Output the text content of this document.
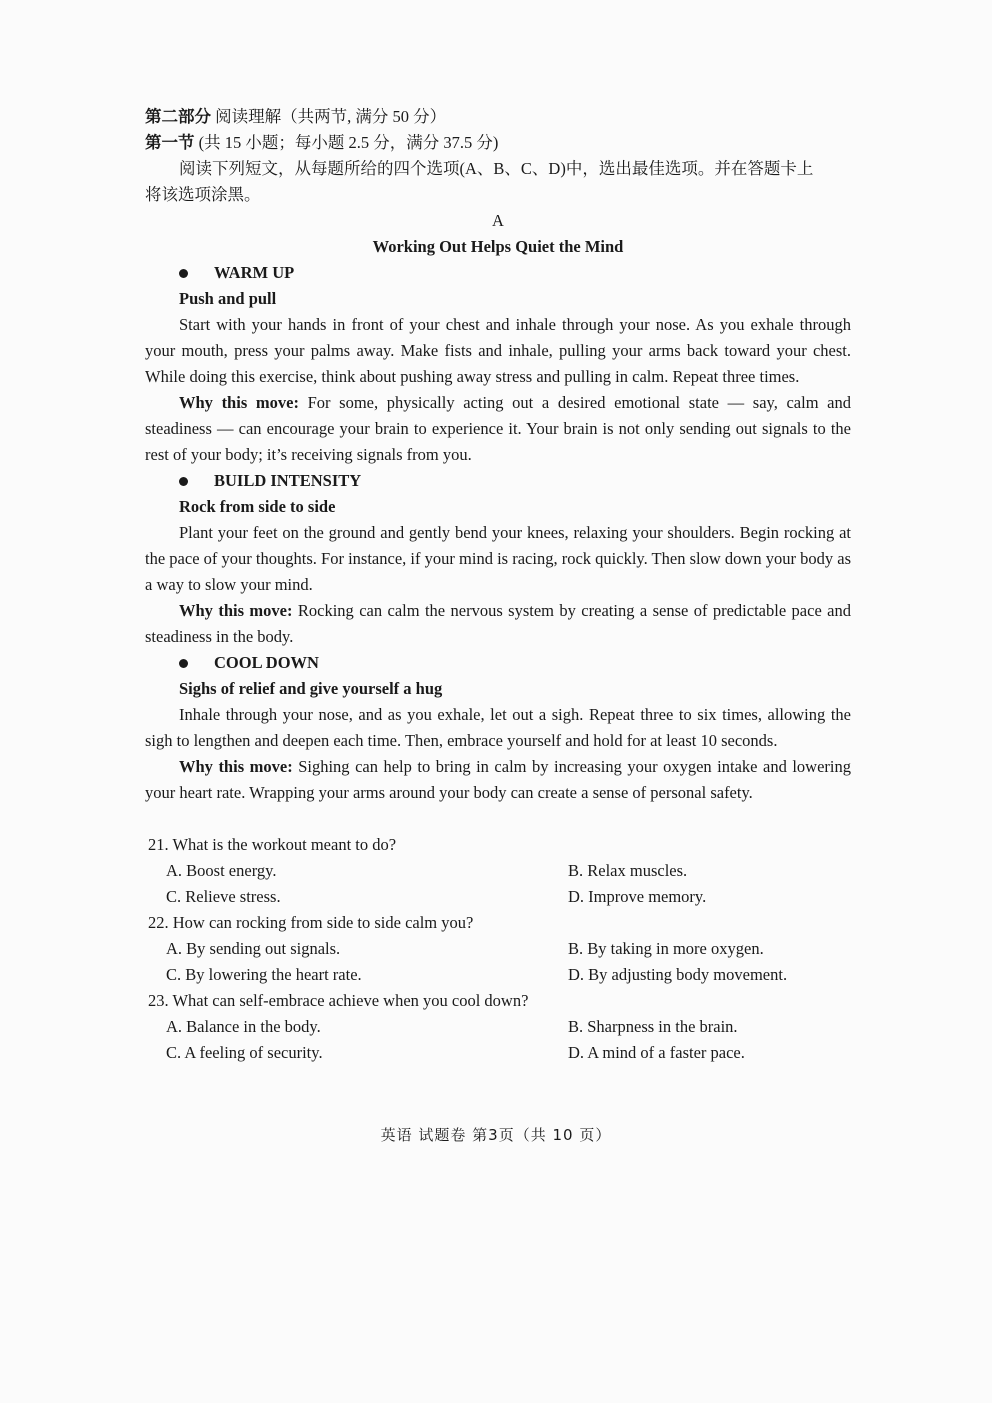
第二部分 阅读理解（共两节, 满分 50 分）

第一节 (共 15 小题；每小题 2.5 分，满分 37.5 分)

阅读下列短文，从每题所给的四个选项(A、B、C、D)中，选出最佳选项。并在答题卡上

将该选项涂黑。

A

Working Out Helps Quiet the Mind

WARM UP

Push and pull

Start with your hands in front of your chest and inhale through your nose. As you exhale through your mouth, press your palms away. Make fists and inhale, pulling your arms back toward your chest. While doing this exercise, think about pushing away stress and pulling in calm. Repeat three times.

Why this move: For some, physically acting out a desired emotional state — say, calm and steadiness — can encourage your brain to experience it. Your brain is not only sending out signals to the rest of your body; it’s receiving signals from you.

BUILD INTENSITY

Rock from side to side

Plant your feet on the ground and gently bend your knees, relaxing your shoulders. Begin rocking at the pace of your thoughts. For instance, if your mind is racing, rock quickly. Then slow down your body as a way to slow your mind.

Why this move: Rocking can calm the nervous system by creating a sense of predictable pace and steadiness in the body.

COOL DOWN

Sighs of relief and give yourself a hug

Inhale through your nose, and as you exhale, let out a sigh. Repeat three to six times, allowing the sigh to lengthen and deepen each time. Then, embrace yourself and hold for at least 10 seconds.

Why this move: Sighing can help to bring in calm by increasing your oxygen intake and lowering your heart rate. Wrapping your arms around your body can create a sense of personal safety.

21. What is the workout meant to do?

A. Boost energy.	B. Relax muscles.
C. Relieve stress.	D. Improve memory.

22. How can rocking from side to side calm you?

A. By sending out signals.	B. By taking in more oxygen.
C. By lowering the heart rate.	D. By adjusting body movement.

23. What can self-embrace achieve when you cool down?

A. Balance in the body.	B. Sharpness in the brain.
C. A feeling of security.	D. A mind of a faster pace.
英语 试题卷 第3页（共 10 页）
